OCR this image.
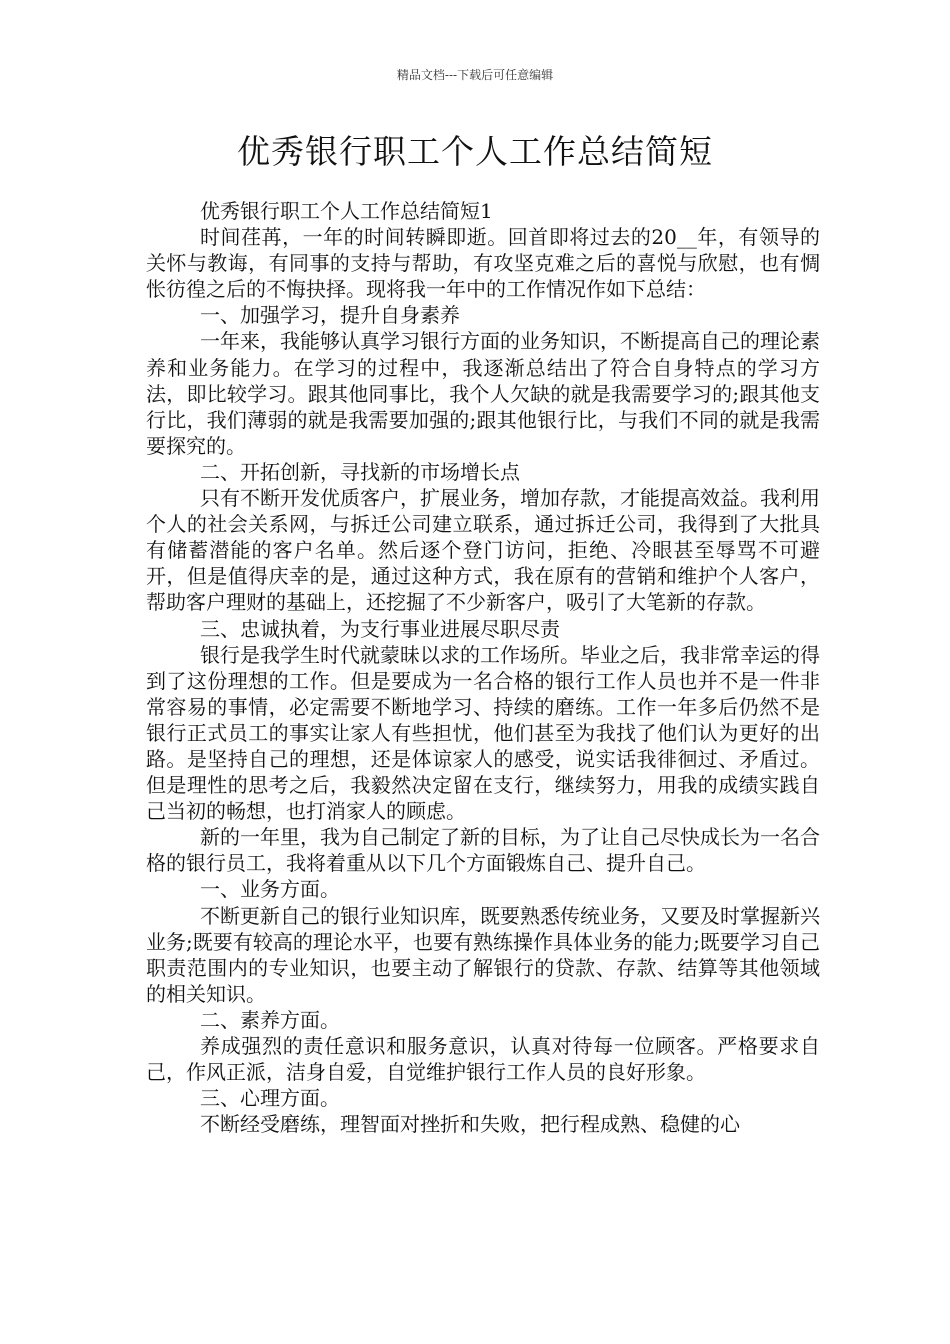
精品文档---下载后可任意编辑
优秀银行职工个人工作总结简短

优秀银行职工个人工作总结简短1

时间荏苒，一年的时间转瞬即逝。回首即将过去的20__年，有领导的关怀与教诲，有同事的支持与帮助，有攻坚克难之后的喜悦与欣慰，也有惆怅彷徨之后的不悔抉择。现将我一年中的工作情况作如下总结：

一、加强学习，提升自身素养

一年来，我能够认真学习银行方面的业务知识，不断提高自己的理论素养和业务能力。在学习的过程中，我逐渐总结出了符合自身特点的学习方法，即比较学习。跟其他同事比，我个人欠缺的就是我需要学习的;跟其他支行比，我们薄弱的就是我需要加强的;跟其他银行比，与我们不同的就是我需要探究的。

二、开拓创新，寻找新的市场增长点

只有不断开发优质客户，扩展业务，增加存款，才能提高效益。我利用个人的社会关系网，与拆迁公司建立联系，通过拆迁公司，我得到了大批具有储蓄潜能的客户名单。然后逐个登门访问，拒绝、冷眼甚至辱骂不可避开，但是值得庆幸的是，通过这种方式，我在原有的营销和维护个人客户，帮助客户理财的基础上，还挖掘了不少新客户，吸引了大笔新的存款。

三、忠诚执着，为支行事业进展尽职尽责

银行是我学生时代就蒙昧以求的工作场所。毕业之后，我非常幸运的得到了这份理想的工作。但是要成为一名合格的银行工作人员也并不是一件非常容易的事情，必定需要不断地学习、持续的磨练。工作一年多后仍然不是银行正式员工的事实让家人有些担忧，他们甚至为我找了他们认为更好的出路。是坚持自己的理想，还是体谅家人的感受，说实话我徘徊过、矛盾过。但是理性的思考之后，我毅然决定留在支行，继续努力，用我的成绩实践自己当初的畅想，也打消家人的顾虑。

新的一年里，我为自己制定了新的目标，为了让自己尽快成长为一名合格的银行员工，我将着重从以下几个方面锻炼自己、提升自己。

一、业务方面。

不断更新自己的银行业知识库，既要熟悉传统业务，又要及时掌握新兴业务;既要有较高的理论水平，也要有熟练操作具体业务的能力;既要学习自己职责范围内的专业知识，也要主动了解银行的贷款、存款、结算等其他领域的相关知识。

二、素养方面。

养成强烈的责任意识和服务意识，认真对待每一位顾客。严格要求自己，作风正派，洁身自爱，自觉维护银行工作人员的良好形象。

三、心理方面。

不断经受磨练，理智面对挫折和失败，把行程成熟、稳健的心
